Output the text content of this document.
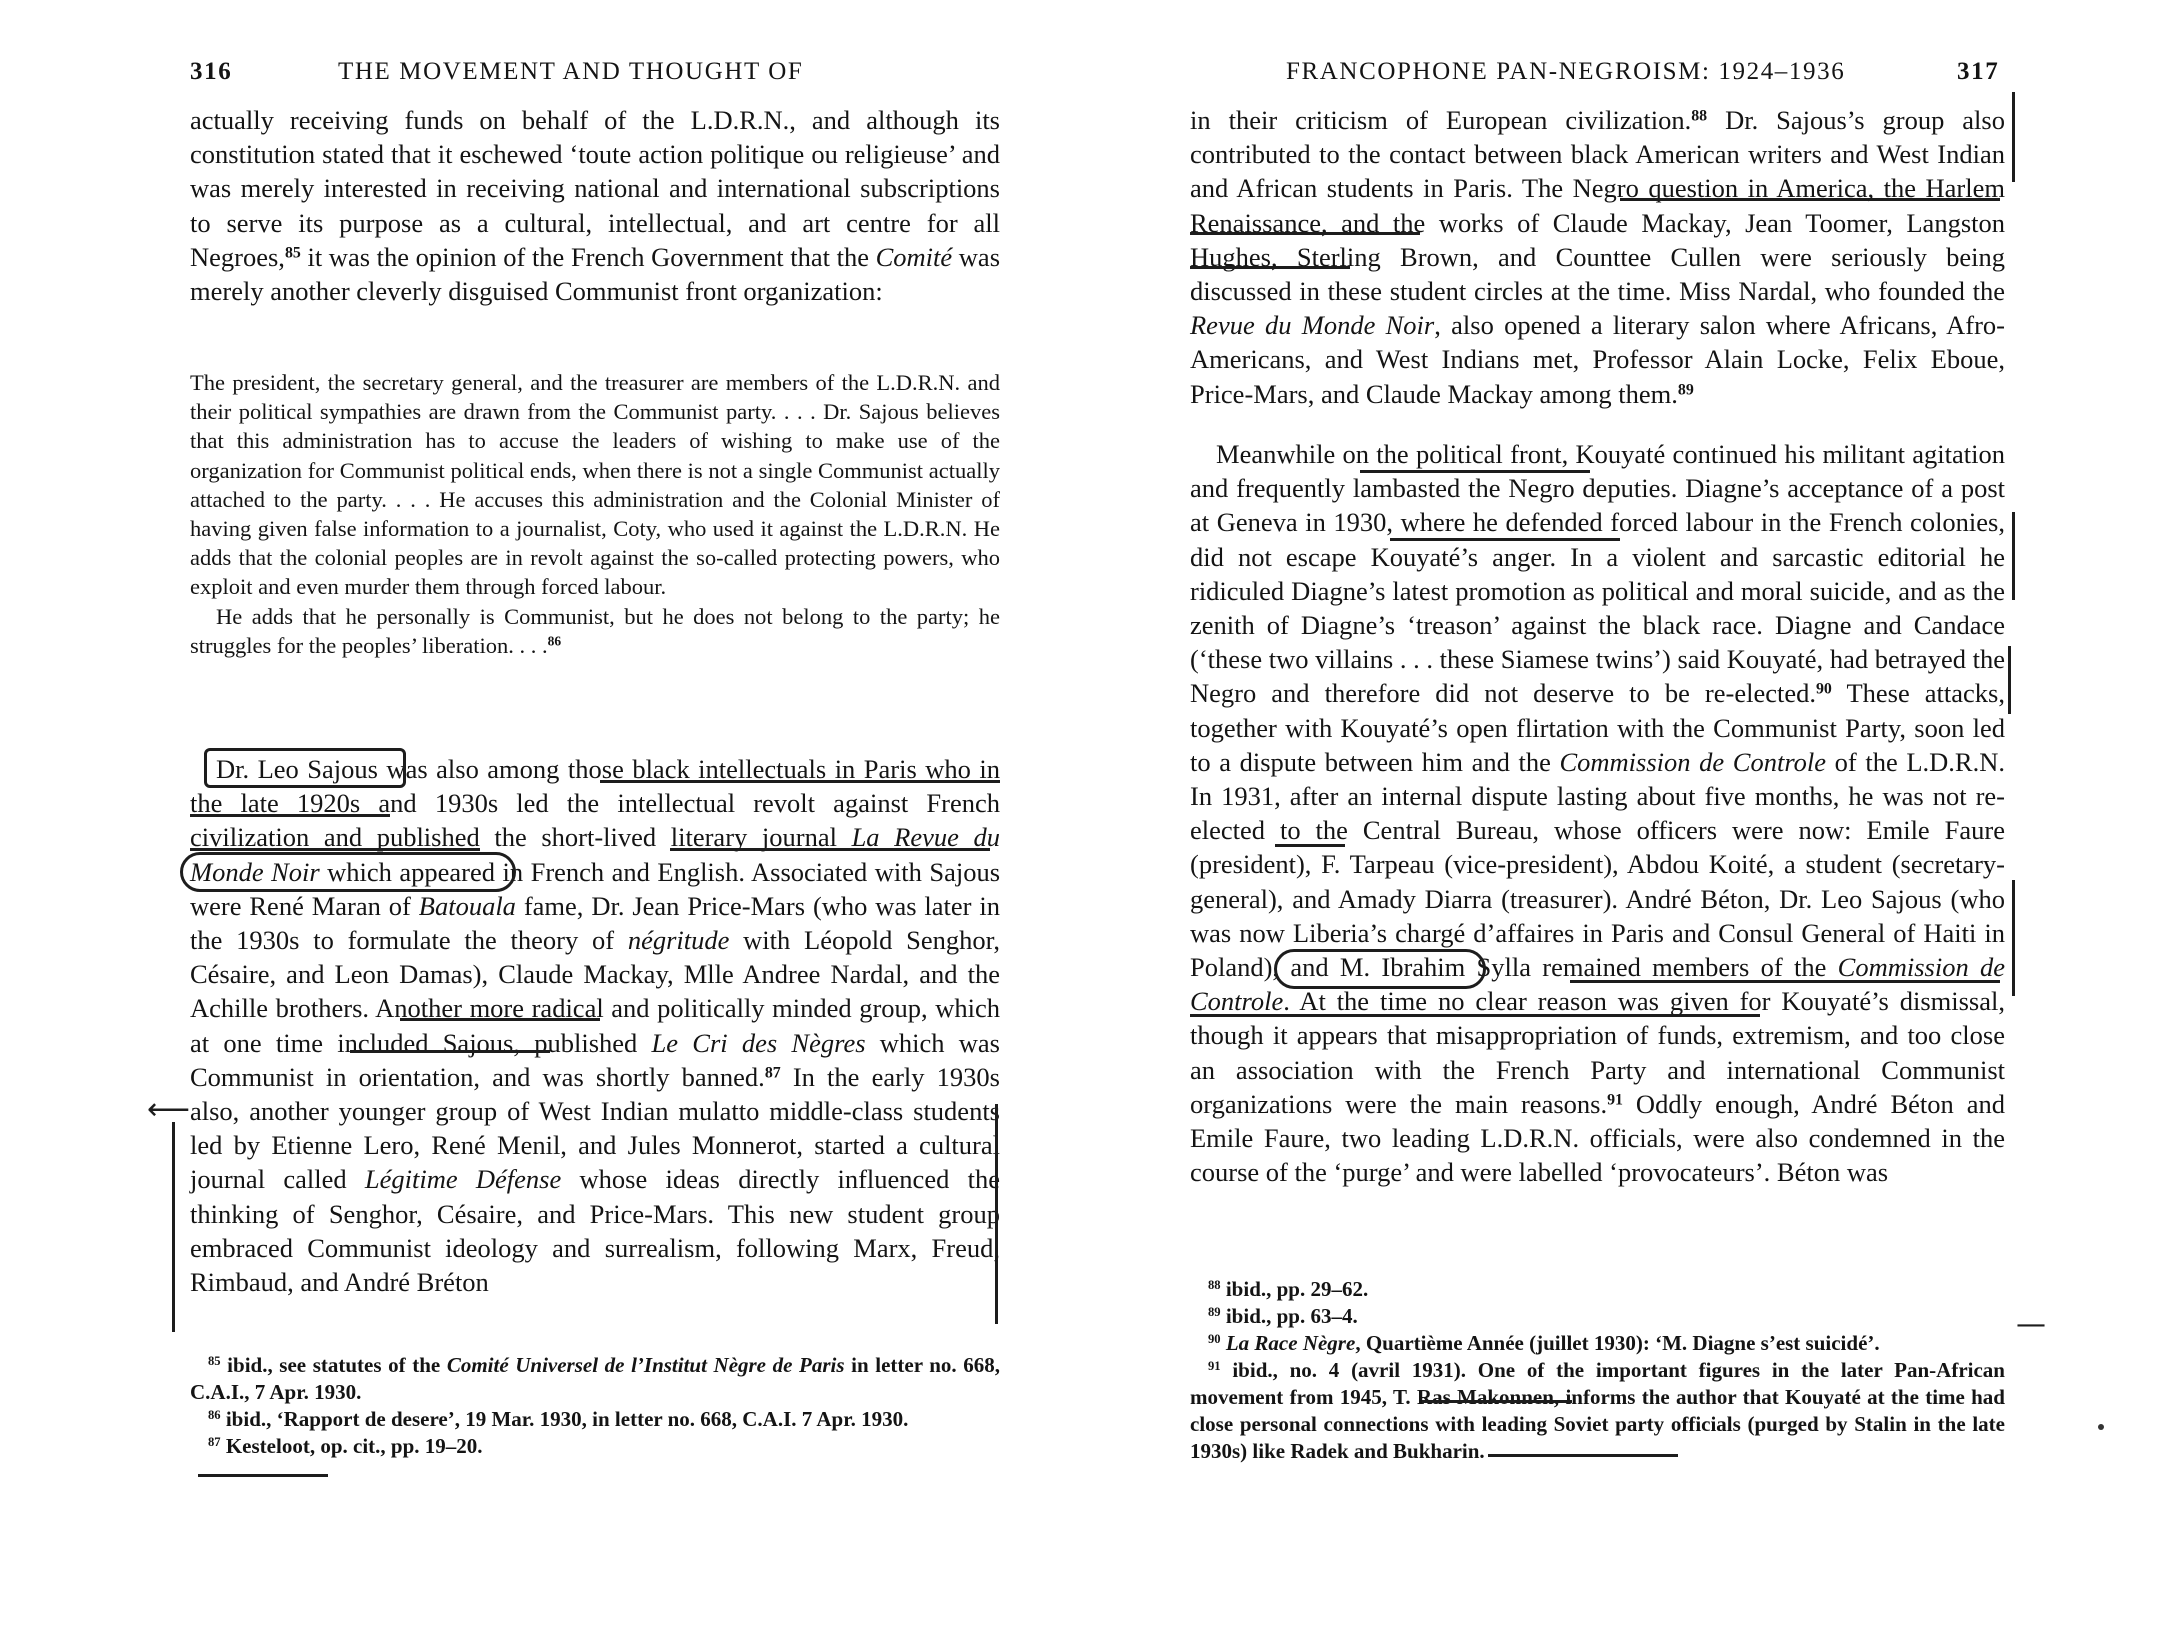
316	THE MOVEMENT AND THOUGHT OF

actually receiving funds on behalf of the L.D.R.N., and although its constitution stated that it eschewed ‘toute action politique ou religieuse’ and was merely interested in receiving national and international subscriptions to serve its purpose as a cultural, intellectual, and art centre for all Negroes,$^{85}$ it was the opinion of the French Government that the Comité was merely another cleverly disguised Communist front organization:

The president, the secretary general, and the treasurer are members of the L.D.R.N. and their political sympathies are drawn from the Communist party. . . . Dr. Sajous believes that this administration has to accuse the leaders of wishing to make use of the organization for Communist political ends, when there is not a single Communist actually attached to the party. . . . He accuses this administration and the Colonial Minister of having given false information to a journalist, Coty, who used it against the L.D.R.N. He adds that the colonial peoples are in revolt against the so-called protecting powers, who exploit and even murder them through forced labour.

He adds that he personally is Communist, but he does not belong to the party; he struggles for the peoples’ liberation. . . .$^{86}$

Dr. Leo Sajous was also among those black intellectuals in Paris who in the late 1920s and 1930s led the intellectual revolt against French civilization and published the short-lived literary journal La Revue du Monde Noir which appeared in French and English. Associated with Sajous were René Maran of Batouala fame, Dr. Jean Price-Mars (who was later in the 1930s to formulate the theory of négritude with Léopold Senghor, Césaire, and Leon Damas), Claude Mackay, Mlle Andree Nardal, and the Achille brothers. Another more radical and politically minded group, which at one time included Sajous, published Le Cri des Nègres which was Communist in orientation, and was shortly banned.$^{87}$ In the early 1930s also, another younger group of West Indian mulatto middle-class students led by Etienne Lero, René Menil, and Jules Monnerot, started a cultural journal called Légitime Défense whose ideas directly influenced the thinking of Senghor, Césaire, and Price-Mars. This new student group embraced Communist ideology and surrealism, following Marx, Freud, Rimbaud, and André Bréton

$^{85}$ ibid., see statutes of the Comité Universel de l’Institut Nègre de Paris in letter no. 668, C.A.I., 7 Apr. 1930.

$^{86}$ ibid., ‘Rapport de desere’, 19 Mar. 1930, in letter no. 668, C.A.I. 7 Apr. 1930.

$^{87}$ Kesteloot, op. cit., pp. 19–20.

⟵
FRANCOPHONE PAN-NEGROISM: 1924–1936	317

in their criticism of European civilization.$^{88}$ Dr. Sajous’s group also contributed to the contact between black American writers and West Indian and African students in Paris. The Negro question in America, the Harlem Renaissance, and the works of Claude Mackay, Jean Toomer, Langston Hughes, Sterling Brown, and Counttee Cullen were seriously being discussed in these student circles at the time. Miss Nardal, who founded the Revue du Monde Noir, also opened a literary salon where Africans, Afro-Americans, and West Indians met, Professor Alain Locke, Felix Eboue, Price-Mars, and Claude Mackay among them.$^{89}$

Meanwhile on the political front, Kouyaté continued his militant agitation and frequently lambasted the Negro deputies. Diagne’s acceptance of a post at Geneva in 1930, where he defended forced labour in the French colonies, did not escape Kouyaté’s anger. In a violent and sarcastic editorial he ridiculed Diagne’s latest promotion as political and moral suicide, and as the zenith of Diagne’s ‘treason’ against the black race. Diagne and Candace (‘these two villains . . . these Siamese twins’) said Kouyaté, had betrayed the Negro and therefore did not deserve to be re-elected.$^{90}$ These attacks, together with Kouyaté’s open flirtation with the Communist Party, soon led to a dispute between him and the Commission de Controle of the L.D.R.N. In 1931, after an internal dispute lasting about five months, he was not re-elected to the Central Bureau, whose officers were now: Emile Faure (president), F. Tarpeau (vice-president), Abdou Koité, a student (secretary-general), and Amady Diarra (treasurer). André Béton, Dr. Leo Sajous (who was now Liberia’s chargé d’affaires in Paris and Consul General of Haiti in Poland), and M. Ibrahim Sylla remained members of the Commission de Controle. At the time no clear reason was given for Kouyaté’s dismissal, though it appears that misappropriation of funds, extremism, and too close an association with the French Party and international Communist organizations were the main reasons.$^{91}$ Oddly enough, André Béton and Emile Faure, two leading L.D.R.N. officials, were also condemned in the course of the ‘purge’ and were labelled ‘provocateurs’. Béton was

$^{88}$ ibid., pp. 29–62.

$^{89}$ ibid., pp. 63–4.

$^{90}$ La Race Nègre, Quartième Année (juillet 1930): ‘M. Diagne s’est suicidé’.

$^{91}$ ibid., no. 4 (avril 1931). One of the important figures in the later Pan-African movement from 1945, T. Ras Makonnen, informs the author that Kouyaté at the time had close personal connections with leading Soviet party officials (purged by Stalin in the late 1930s) like Radek and Bukharin.

—
